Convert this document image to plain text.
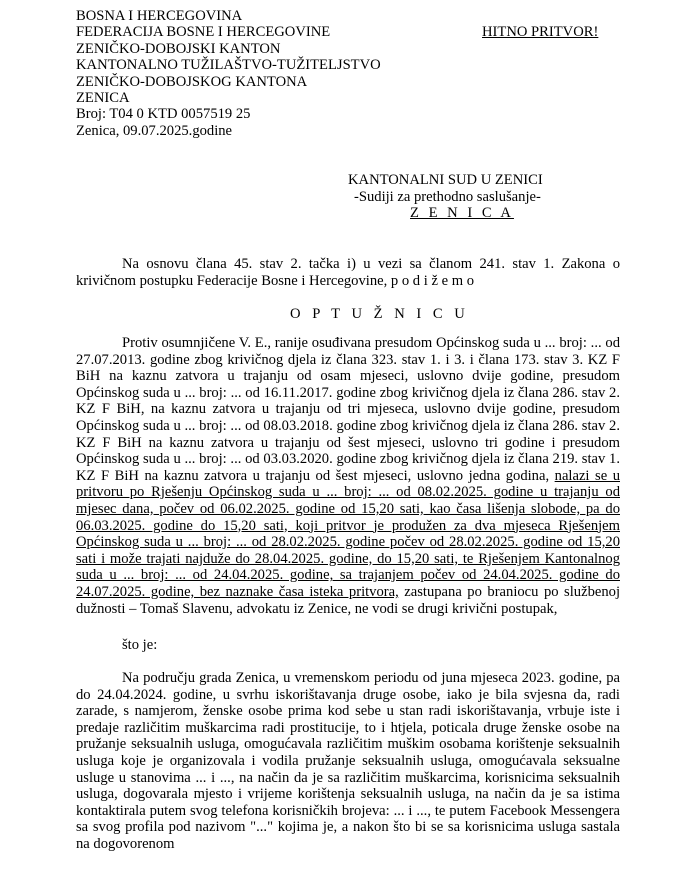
BOSNA I HERCEGOVINA
FEDERACIJA BOSNE I HERCEGOVINE
ZENIČKO-DOBOJSKI KANTON
KANTONALNO TUŽILAŠTVO-TUŽITELJSTVO
ZENIČKO-DOBOJSKOG KANTONA
ZENICA
Broj: T04 0 KTD 0057519 25
Zenica, 09.07.2025.godine
HITNO PRITVOR!
KANTONALNI SUD U ZENICI
-Sudiji za prethodno saslušanje-
Z E N I C A
Na osnovu člana 45. stav 2. tačka i) u vezi sa članom 241. stav 1. Zakona o krivičnom postupku Federacije Bosne i Hercegovine, p o d i ž e m o
O P T U Ž N I C U
Protiv osumnjičene V. E., ranije osuđivana presudom Općinskog suda u ... broj: ... od 27.07.2013. godine zbog krivičnog djela iz člana 323. stav 1. i 3. i člana 173. stav 3. KZ F BiH na kaznu zatvora u trajanju od osam mjeseci, uslovno dvije godine, presudom Općinskog suda u ... broj: ... od 16.11.2017. godine zbog krivičnog djela iz člana 286. stav 2. KZ F BiH, na kaznu zatvora u trajanju od tri mjeseca, uslovno dvije godine, presudom Općinskog suda u ... broj: ... od 08.03.2018. godine zbog krivičnog djela iz člana 286. stav 2. KZ F BiH na kaznu zatvora u trajanju od šest mjeseci, uslovno tri godine i presudom Općinskog suda u ... broj: ... od 03.03.2020. godine zbog krivičnog djela iz člana 219. stav 1. KZ F BiH na kaznu zatvora u trajanju od šest mjeseci, uslovno jedna godina, nalazi se u pritvoru po Rješenju Općinskog suda u ... broj: ... od 08.02.2025. godine u trajanju od mjesec dana, počev od 06.02.2025. godine od 15,20 sati, kao časa lišenja slobode, pa do 06.03.2025. godine do 15,20 sati, koji pritvor je produžen za dva mjeseca Rješenjem Općinskog suda u ... broj: ... od 28.02.2025. godine počev od 28.02.2025. godine od 15,20 sati i može trajati najduže do 28.04.2025. godine, do 15,20 sati, te Rješenjem Kantonalnog suda u ... broj: ... od 24.04.2025. godine, sa trajanjem počev od 24.04.2025. godine do 24.07.2025. godine, bez naznake časa isteka pritvora, zastupana po braniocu po službenoj dužnosti – Tomaš Slavenu, advokatu iz Zenice, ne vodi se drugi krivični postupak,
što je:
Na području grada Zenica, u vremenskom periodu od juna mjeseca 2023. godine, pa do 24.04.2024. godine, u svrhu iskorištavanja druge osobe, iako je bila svjesna da, radi zarade, s namjerom, ženske osobe prima kod sebe u stan radi iskorištavanja, vrbuje iste i predaje različitim muškarcima radi prostitucije, to i htjela, poticala druge ženske osobe na pružanje seksualnih usluga, omogućavala različitim muškim osobama korištenje seksualnih usluga koje je organizovala i vodila pružanje seksualnih usluga, omogućavala seksualne usluge u stanovima ... i ..., na način da je sa različitim muškarcima, korisnicima seksualnih usluga, dogovarala mjesto i vrijeme korištenja seksualnih usluga, na način da je sa istima kontaktirala putem svog telefona korisničkih brojeva: ... i ..., te putem Facebook Messengera sa svog profila pod nazivom "..." kojima je, a nakon što bi se sa korisnicima usluga sastala na dogovorenom
